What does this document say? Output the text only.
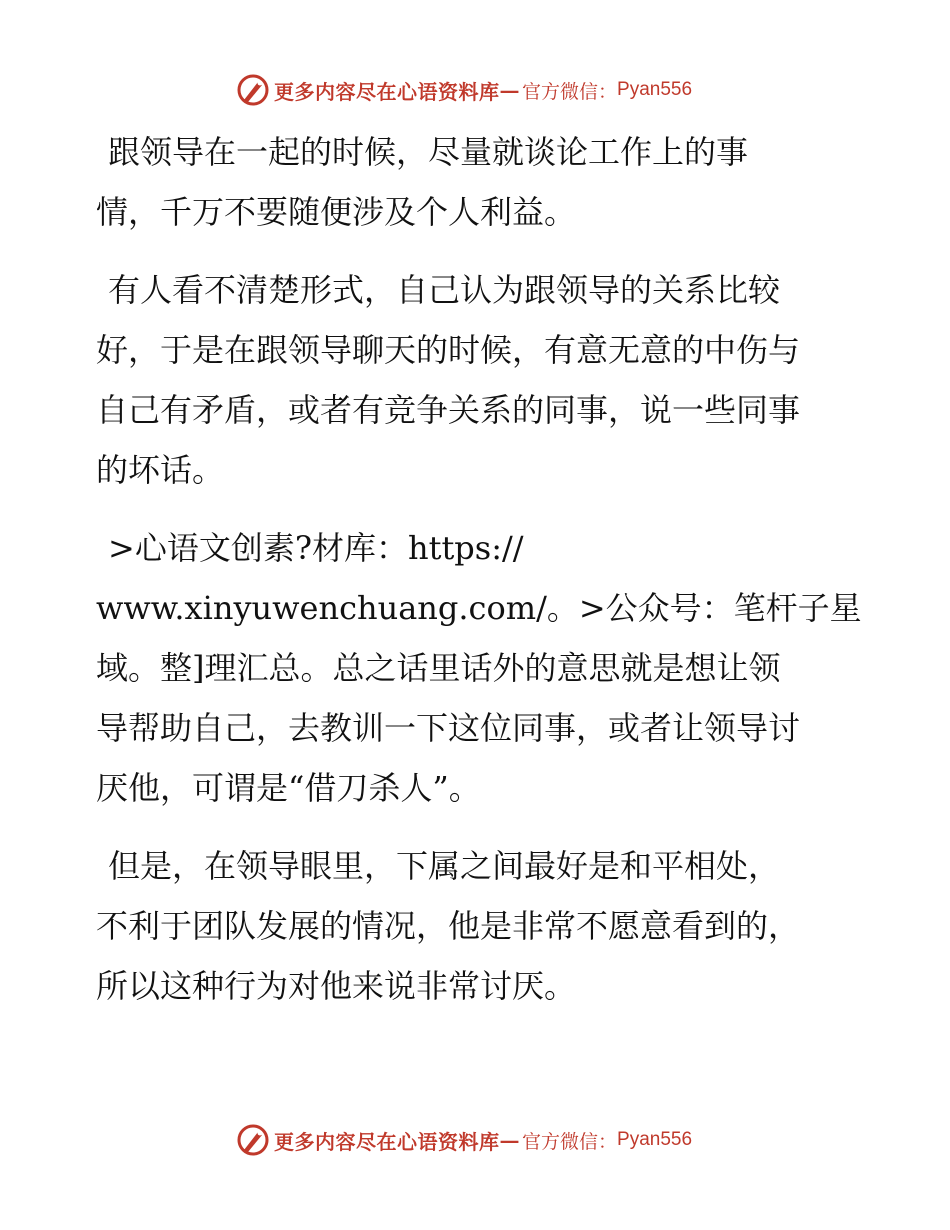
更多内容尽在心语资料库 — 官方微信： Pyan556

跟领导在一起的时候，尽量就谈论工作上的事
情，千万不要随便涉及个人利益。

有人看不清楚形式，自己认为跟领导的关系比较
好，于是在跟领导聊天的时候，有意无意的中伤与
自己有矛盾，或者有竞争关系的同事，说一些同事
的坏话。

>心语文创素?材库：https://
www.xinyuwenchuang.com/。>公众号：笔杆子星
域。整]理汇总。总之话里话外的意思就是想让领
导帮助自己，去教训一下这位同事，或者让领导讨
厌他，可谓是“借刀杀人”。

但是，在领导眼里，下属之间最好是和平相处，
不利于团队发展的情况，他是非常不愿意看到的，
所以这种行为对他来说非常讨厌。

更多内容尽在心语资料库 — 官方微信： Pyan556
